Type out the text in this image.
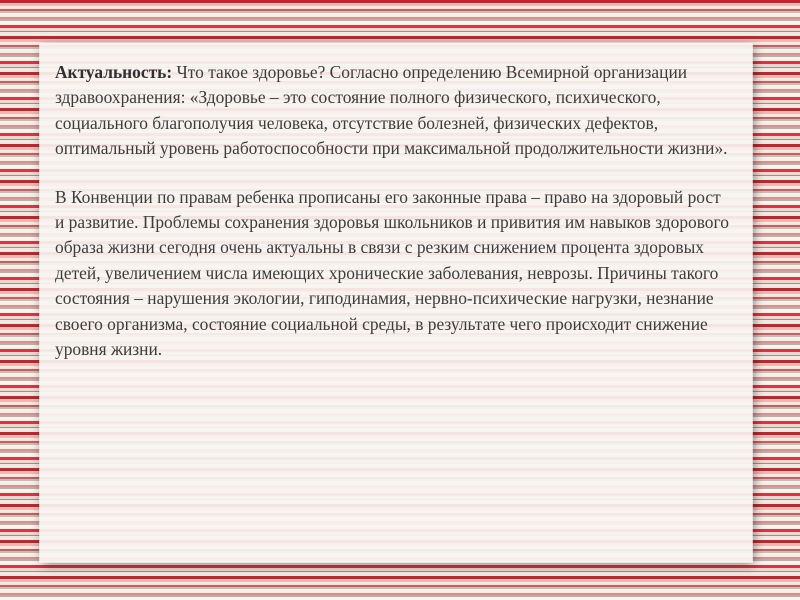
Актуальность: Что такое здоровье? Согласно определению Всемирной организации здравоохранения: «Здоровье – это состояние полного физического, психического, социального благополучия человека, отсутствие болезней, физических дефектов, оптимальный уровень работоспособности при максимальной продолжительности жизни».

В Конвенции по правам ребенка прописаны его законные права – право на здоровый рост и развитие. Проблемы сохранения здоровья школьников и привития им навыков здорового образа жизни сегодня очень актуальны в связи с резким снижением процента здоровых детей, увеличением числа имеющих хронические заболевания, неврозы. Причины такого состояния – нарушения экологии, гиподинамия, нервно-психические нагрузки, незнание своего организма, состояние социальной среды, в результате чего происходит снижение уровня жизни.
